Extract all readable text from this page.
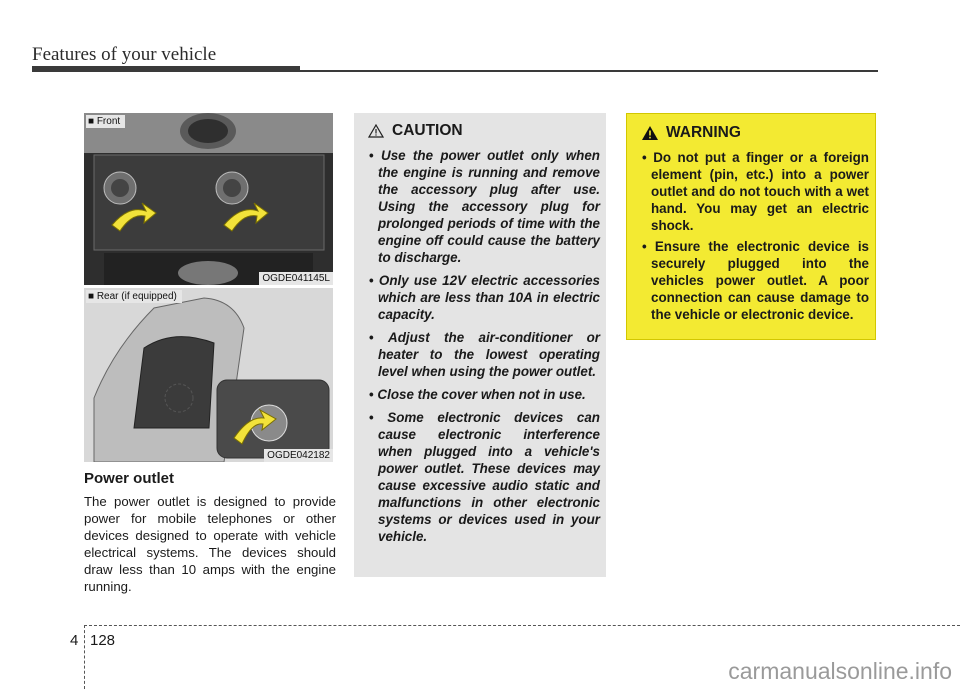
Features of your vehicle
■ Front
OGDE041145L
■ Rear (if equipped)
OGDE042182
Power outlet
The power outlet is designed to provide power for mobile telephones or other devices designed to operate with vehicle electrical systems. The devices should draw less than 10 amps with the engine running.
CAUTION
• Use the power outlet only when the engine is running and remove the accessory plug after use. Using the accessory plug for prolonged periods of time with the engine off could cause the battery to discharge.
• Only use 12V electric accessories which are less than 10A in electric capacity.
• Adjust the air-conditioner or heater to the lowest operating level when using the power outlet.
• Close the cover when not in use.
• Some electronic devices can cause electronic interference when plugged into a vehicle's power outlet. These devices may cause excessive audio static and malfunctions in other electronic systems or devices used in your vehicle.
WARNING
• Do not put a finger or a foreign element (pin, etc.) into a power outlet and do not touch with a wet hand. You may get an electric shock.
• Ensure the electronic device is securely plugged into the vehicles power outlet. A poor connection can cause damage to the vehicle or electronic device.
4 128
carmanualsonline.info
